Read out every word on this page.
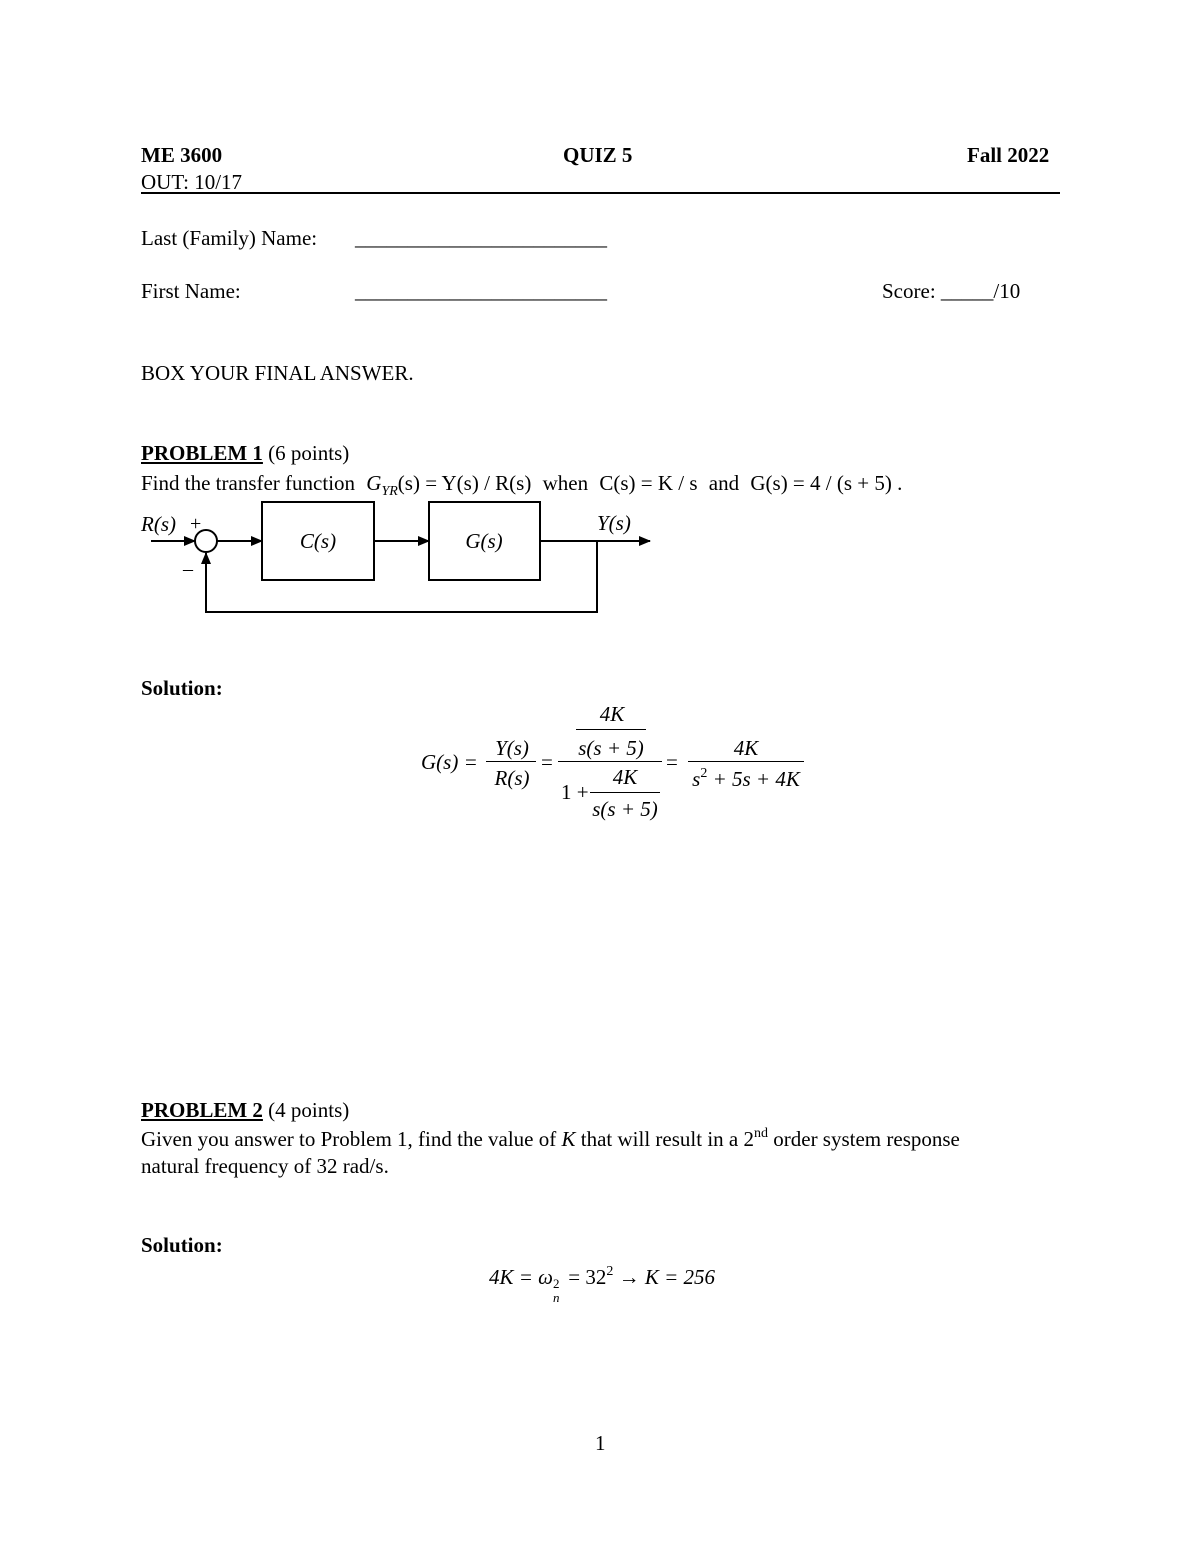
ME 3600	QUIZ 5	Fall 2022
OUT: 10/17
Last (Family) Name: ________________________
First Name:	________________________	Score: _____/10
BOX YOUR FINAL ANSWER.
PROBLEM 1 (6 points)
Find the transfer function $G_{YR}(s) = Y(s) / R(s)$ when C(s) = K / s and G(s) = 4 / (s + 5) .
R(s) +
–
C(s)	G(s)
Y(s)
Solution:
G(s) =
Y(s)
R(s)
=
4K
s(s + 5)
1 +
4K
s(s + 5)
=
4K
$s^2 + 5s + 4K$
PROBLEM 2 (4 points)
Given you answer to Problem 1, find the value of K that will result in a 2nd order system response
natural frequency of 32 rad/s.
Solution:
4K = ω
n
$2 = 32^2 \to K = 256$
1
